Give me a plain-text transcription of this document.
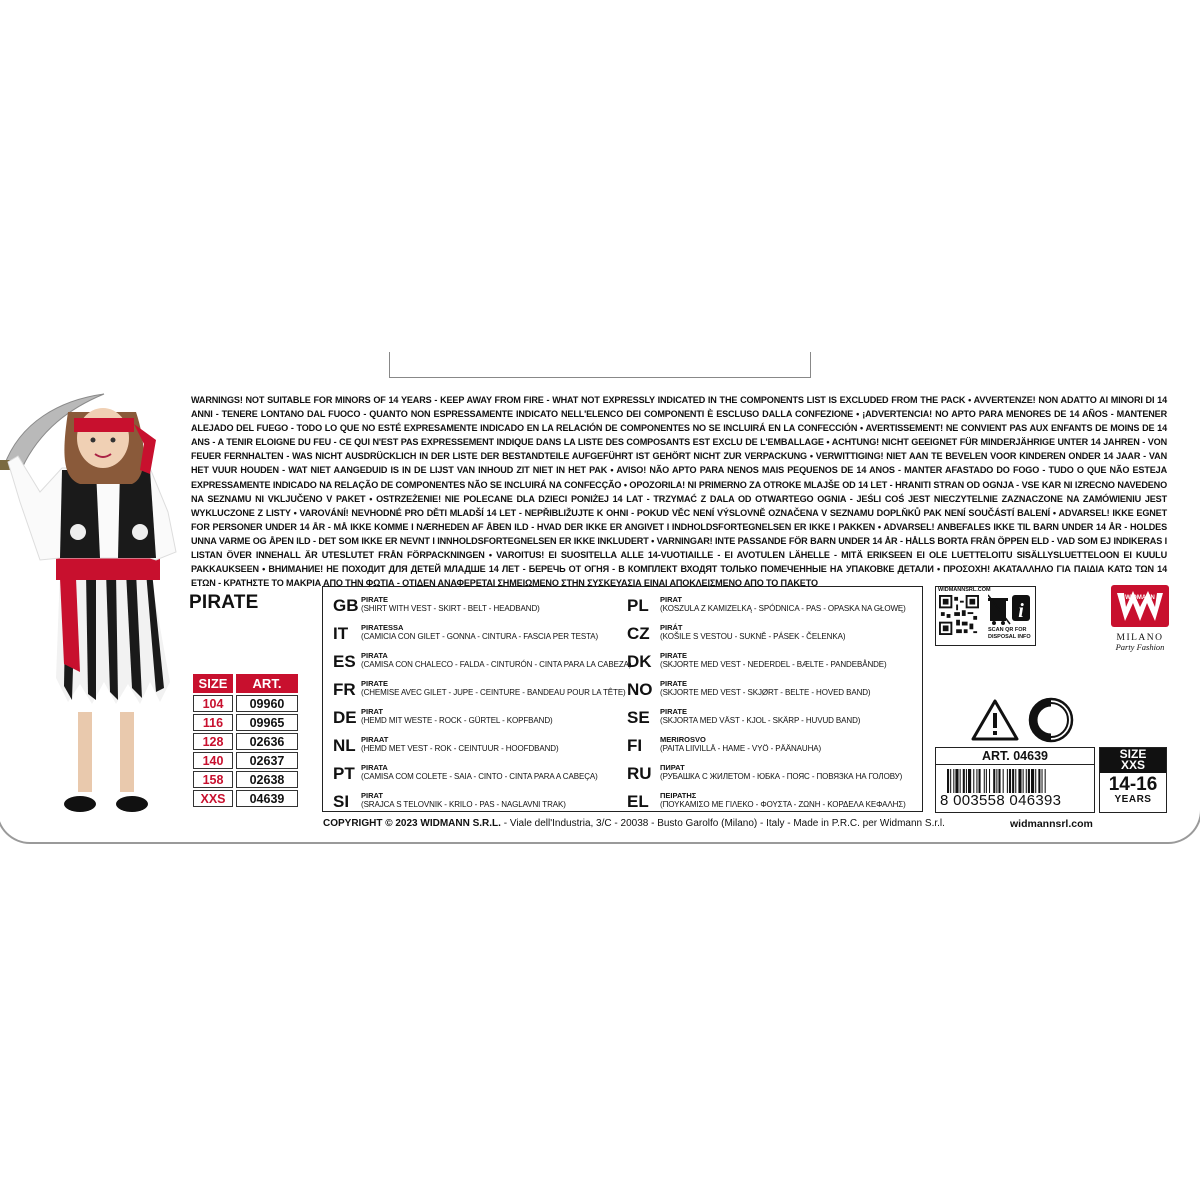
WARNINGS! NOT SUITABLE FOR MINORS OF 14 YEARS - KEEP AWAY FROM FIRE - WHAT NOT EXPRESSLY INDICATED IN THE COMPONENTS LIST IS EXCLUDED FROM THE PACK • AVVERTENZE! NON ADATTO AI MINORI DI 14 ANNI - TENERE LONTANO DAL FUOCO - QUANTO NON ESPRESSAMENTE INDICATO NELL'ELENCO DEI COMPONENTI È ESCLUSO DALLA CONFEZIONE • ¡ADVERTENCIA! NO APTO PARA MENORES DE 14 AÑOS - MANTENER ALEJADO DEL FUEGO - TODO LO QUE NO ESTÉ EXPRESAMENTE INDICADO EN LA RELACIÓN DE COMPONENTES NO SE INCLUIRÁ EN LA CONFECCIÓN • AVERTISSEMENT! NE CONVIENT PAS AUX ENFANTS DE MOINS DE 14 ANS - A TENIR ELOIGNE DU FEU - CE QUI N'EST PAS EXPRESSEMENT INDIQUE DANS LA LISTE DES COMPOSANTS EST EXCLU DE L'EMBALLAGE • ACHTUNG! NICHT GEEIGNET FÜR MINDERJÄHRIGE UNTER 14 JAHREN - VON FEUER FERNHALTEN - WAS NICHT AUSDRÜCKLICH IN DER LISTE DER BESTANDTEILE AUFGEFÜHRT IST GEHÖRT NICHT ZUR VERPACKUNG • VERWITTIGING! NIET AAN TE BEVELEN VOOR KINDEREN ONDER 14 JAAR - VAN HET VUUR HOUDEN - WAT NIET AANGEDUID IS IN DE LIJST VAN INHOUD ZIT NIET IN HET PAK • AVISO! NÃO APTO PARA NENOS MAIS PEQUENOS DE 14 ANOS - MANTER AFASTADO DO FOGO - TUDO O QUE NÃO ESTEJA EXPRESSAMENTE INDICADO NA RELAÇÃO DE COMPONENTES NÃO SE INCLUIRÁ NA CONFECÇÃO • OPOZORILA! NI PRIMERNO ZA OTROKE MLAJŠE OD 14 LET - HRANITI STRAN OD OGNJA - VSE KAR NI IZRECNO NAVEDENO NA SEZNAMU NI VKLJUČENO V PAKET • OSTRZEŻENIE! NIE POLECANE DLA DZIECI PONIŻEJ 14 LAT - TRZYMAĆ Z DALA OD OTWARTEGO OGNIA - JEŚLI COŚ JEST NIECZYTELNIE ZAZNACZONE NA ZAMÓWIENIU JEST WYKLUCZONE Z LISTY • VAROVÁNÍ! NEVHODNÉ PRO DĚTI MLADŠÍ 14 LET - NEPŘIBLIŽUJTE K OHNI - POKUD VĚC NENÍ VÝSLOVNĚ OZNAČENA V SEZNAMU DOPLŇKŮ PAK NENÍ SOUČÁSTÍ BALENÍ • ADVARSEL! IKKE EGNET FOR PERSONER UNDER 14 ÅR - MÅ IKKE KOMME I NÆRHEDEN AF ÅBEN ILD - HVAD DER IKKE ER ANGIVET I INDHOLDSFORTEGNELSEN ER IKKE I PAKKEN • ADVARSEL! ANBEFALES IKKE TIL BARN UNDER 14 ÅR - HOLDES UNNA VARME OG ÅPEN ILD - DET SOM IKKE ER NEVNT I INNHOLDSFORTEGNELSEN ER IKKE INKLUDERT • VARNINGAR! INTE PASSANDE FÖR BARN UNDER 14 ÅR - HÅLLS BORTA FRÅN ÖPPEN ELD - VAD SOM EJ INDIKERAS I LISTAN ÖVER INNEHALL ÄR UTESLUTET FRÅN FÖRPACKNINGEN • VAROITUS! EI SUOSITELLA ALLE 14-VUOTIAILLE - EI AVOTULEN LÄHELLE - MITÄ ERIKSEEN EI OLE LUETTELOITU SISÄLLYSLUETTELOON EI KUULU PAKKAUKSEEN • ВНИМАНИЕ! НЕ ПОХОДИТ ДЛЯ ДЕТЕЙ МЛАДШЕ 14 ЛЕТ - БЕРЕЧЬ ОТ ОГНЯ - В КОМПЛЕКТ ВХОДЯТ ТОЛЬКО ПОМЕЧЕННЫЕ НА УПАКОВКЕ ДЕТАЛИ • ΠΡΟΣΟΧΗ! ΑΚΑΤΑΛΛΗΛΟ ΓΙΑ ΠΑΙΔΙΑ ΚΑΤΩ ΤΩΝ 14 ΕΤΩΝ - ΚΡΑΤΗΣΤΕ ΤΟ ΜΑΚΡΙΑ ΑΠΟ ΤΗΝ ΦΩΤΙΑ - ΟΤΙΔΕΝ ΑΝΑΦΕΡΕΤΑΙ ΣΗΜΕΙΩΜΕΝΟ ΣΤΗΝ ΣΥΣΚΕΥΑΣΙΑ ΕΙΝΑΙ ΑΠΟΚΛΕΙΣΜΕΝΟ ΑΠΟ ΤΟ ΠΑΚΕΤΟ
PIRATE
SIZE	ART.
104	09960
116	09965
128	02636
140	02637
158	02638
XXS	04639
GB PIRATE
(SHIRT WITH VEST - SKIRT - BELT - HEADBAND)
IT	PIRATESSA
(CAMICIA CON GILET - GONNA - CINTURA - FASCIA PER TESTA)
ES PIRATA
(CAMISA CON CHALECO - FALDA - CINTURÓN - CINTA PARA LA CABEZA)
FR PIRATE
(CHEMISE AVEC GILET - JUPE - CEINTURE - BANDEAU POUR LA TÊTE)
DE PIRAT
(HEMD MIT WESTE - ROCK - GÜRTEL - KOPFBAND)
NL PIRAAT
(HEMD MET VEST - ROK - CEINTUUR - HOOFDBAND)
PT PIRATA
(CAMISA COM COLETE - SAIA - CINTO - CINTA PARA A CABEÇA)
SI	PIRAT
(SRAJCA S TELOVNIK - KRILO - PAS - NAGLAVNI TRAK)
PL	PIRAT
(KOSZULA Z KAMIZELKĄ - SPÓDNICA - PAS - OPASKA NA GŁOWĘ)
CZ	PIRÁT
(KOŠILE S VESTOU - SUKNĚ - PÁSEK - ČELENKA)
DK	PIRATE
(SKJORTE MED VEST - NEDERDEL - BÆLTE - PANDEBÅNDE)
NO	PIRATE
(SKJORTE MED VEST - SKJØRT - BELTE - HOVED BAND)
SE	PIRATE
(SKJORTA MED VÄST - KJOL - SKÄRP - HUVUD BAND)
FI	MERIROSVO
(PAITA LIIVILLÄ - HAME - VYÖ - PÄÄNAUHA)
RU	ПИРАТ
(РУБАШКА С ЖИЛЕТОМ - ЮБКА - ПОЯС - ПОВЯЗКА НА ГОЛОВУ)
EL	ΠΕΙΡΑΤΗΣ
(ΠΟΥΚΑΜΙΣΟ ΜΕ ΓΙΛΕΚΟ - ΦΟΥΣΤΑ - ΖΩΝΗ - ΚΟΡΔΕΛΑ ΚΕΦΑΛΗΣ)
WIDMANNSRL.COM
i
SCAN QR FOR
DISPOSAL INFO
WIDMANN
MILANO
Party Fashion
ART. 04639
8 003558 046393
SIZE
XXS
14-16
YEARS
COPYRIGHT © 2023 WIDMANN S.R.L. - Viale dell'Industria, 3/C - 20038 - Busto Garolfo (Milano) - Italy - Made in P.R.C. per Widmann S.r.l.	widmannsrl.com
